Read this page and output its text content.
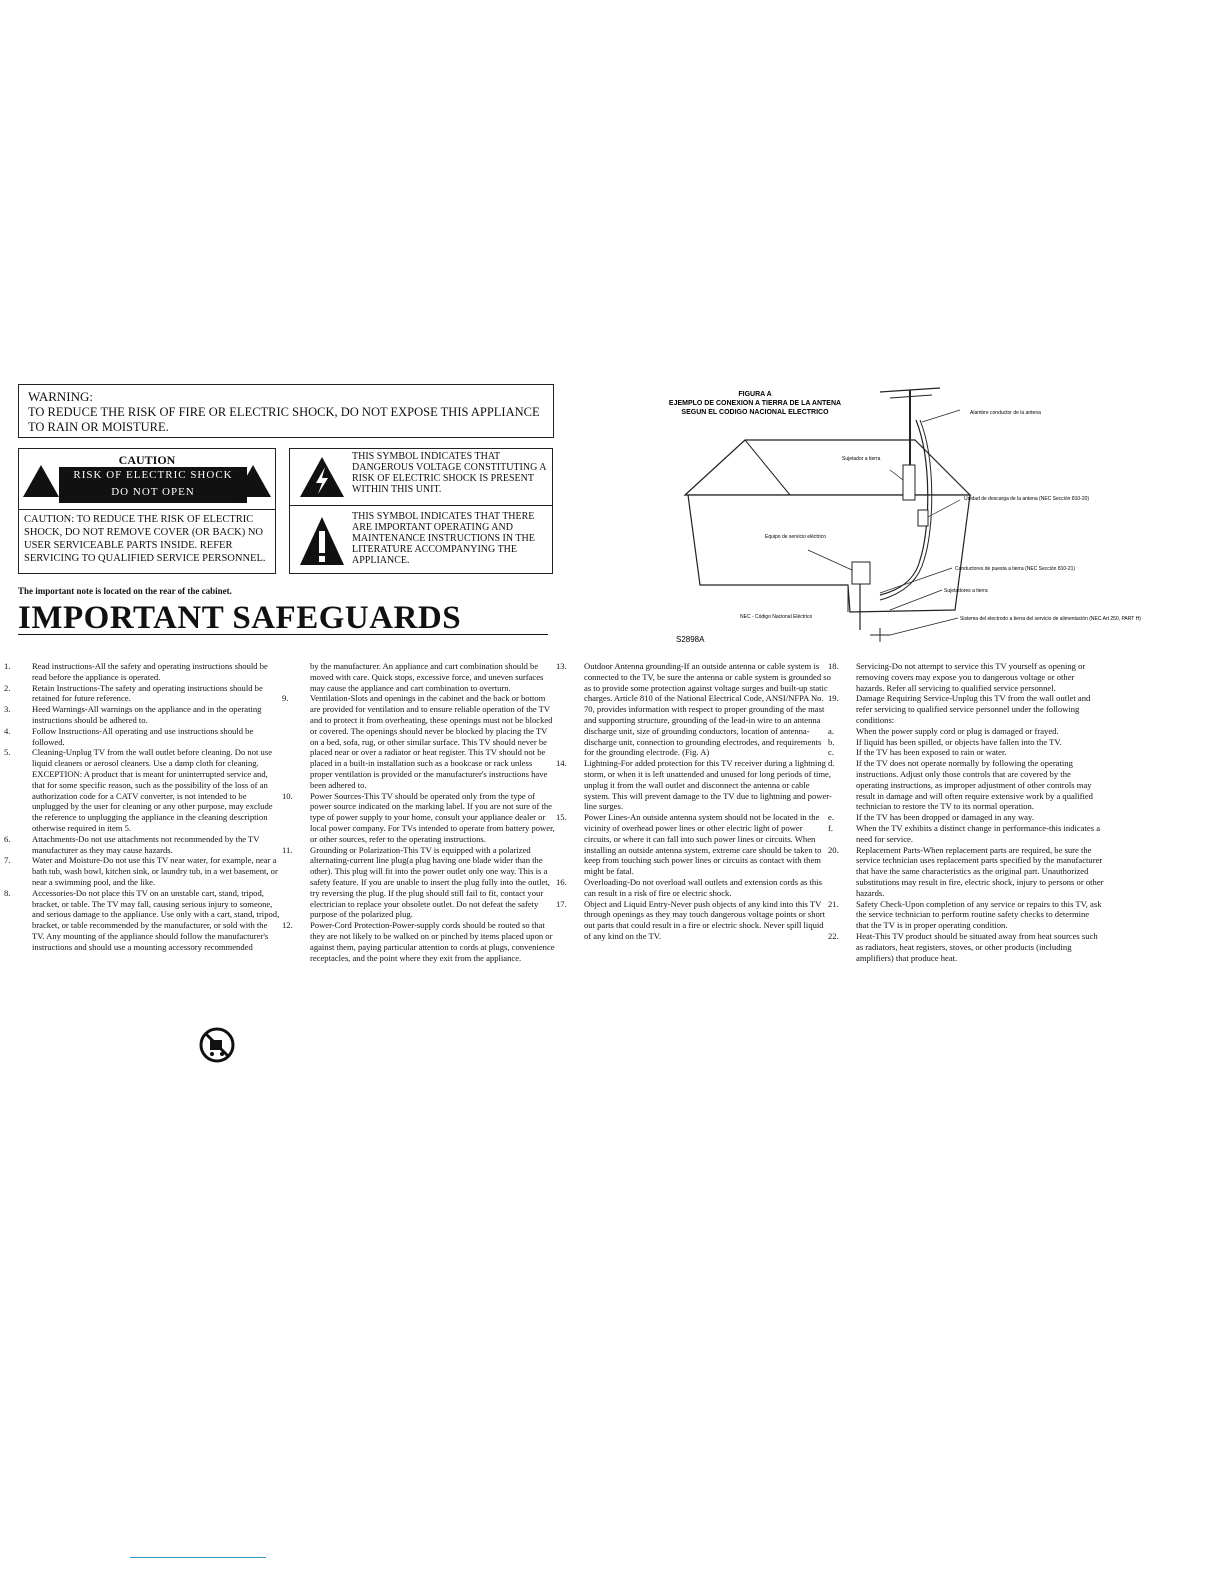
WARNING:
TO REDUCE THE RISK OF FIRE OR ELECTRIC SHOCK, DO NOT EXPOSE THIS APPLIANCE TO RAIN OR MOISTURE.
CAUTION
RISK OF ELECTRIC SHOCK
DO NOT OPEN
CAUTION: TO REDUCE THE RISK OF ELECTRIC SHOCK, DO NOT REMOVE COVER (OR BACK) NO USER SERVICEABLE PARTS INSIDE. REFER SERVICING TO QUALIFIED SERVICE PERSONNEL.
THIS SYMBOL INDICATES THAT DANGEROUS VOLTAGE CONSTITUTING A RISK OF ELECTRIC SHOCK IS PRESENT WITHIN THIS UNIT.
THIS SYMBOL INDICATES THAT THERE ARE IMPORTANT OPERATING AND MAINTENANCE INSTRUCTIONS IN THE LITERATURE ACCOMPANYING THE APPLIANCE.
The important note is located on the rear of the cabinet.
IMPORTANT SAFEGUARDS
FIGURA A
EJEMPLO DE CONEXION A TIERRA DE LA ANTENA
SEGUN EL CODIGO NACIONAL ELECTRICO	Alambre conductor de la antena
Sujetador a tierra
Unidad de descarga de la antena (NEC Sección 810-20)
Equipo de servicio eléctrico
Conductores de puesta a tierra (NEC Sección 810-21)
Sujetadores a tierra
NEC - Código Nacional Eléctrico	Sistema del electrodo a tierra del servicio de alimentación (NEC Art 250, PART H)
S2898A
1.	Read instructions-All the safety and operating instructions should be read before the appliance is operated.
2.	Retain Instructions-The safety and operating instructions should be retained for future reference.
3.	Heed Warnings-All warnings on the appliance and in the operating instructions should be adhered to.
4.	Follow Instructions-All operating and use instructions should be followed.
5.	Cleaning-Unplug TV from the wall outlet before cleaning. Do not use liquid cleaners or aerosol cleaners. Use a damp cloth for cleaning. EXCEPTION: A product that is meant for uninterrupted service and, that for some specific reason, such as the possibility of the loss of an authorization code for a CATV converter, is not intended to be unplugged by the user for cleaning or any other purpose, may exclude the reference to unplugging the appliance in the cleaning description otherwise required in item 5.
6.	Attachments-Do not use attachments not recommended by the TV manufacturer as they may cause hazards.
7.	Water and Moisture-Do not use this TV near water, for example, near a bath tub, wash bowl, kitchen sink, or laundry tub, in a wet basement, or near a swimming pool, and the like.
8.	Accessories-Do not place this TV on an unstable cart, stand, tripod, bracket, or table. The TV may fall, causing serious injury to someone, and serious damage to the appliance. Use only with a cart, stand, tripod, bracket, or table recommended by the manufacturer, or sold with the TV. Any mounting of the appliance should follow the manufacturer's instructions and should use a mounting accessory recommended
by the manufacturer. An appliance and cart combination should be moved with care. Quick stops, excessive force, and uneven surfaces may cause the appliance and cart combination to overturn.
9.	Ventilation-Slots and openings in the cabinet and the back or bottom are provided for ventilation and to ensure reliable operation of the TV and to protect it from overheating, these openings must not be blocked or covered. The openings should never be blocked by placing the TV on a bed, sofa, rug, or other similar surface. This TV should never be placed near or over a radiator or heat register. This TV should not be placed in a built-in installation such as a bookcase or rack unless proper ventilation is provided or the manufacturer's instructions have been adhered to.
10. Power Sources-This TV should be operated only from the type of power source indicated on the marking label. If you are not sure of the type of power supply to your home, consult your appliance dealer or local power company. For TVs intended to operate from battery power, or other sources, refer to the operating instructions.
11. Grounding or Polarization-This TV is equipped with a polarized alternating-current line plug(a plug having one blade wider than the other). This plug will fit into the power outlet only one way. This is a safety feature. If you are unable to insert the plug fully into the outlet, try reversing the plug. If the plug should still fail to fit, contact your electrician to replace your obsolete outlet. Do not defeat the safety purpose of the polarized plug.
12. Power-Cord Protection-Power-supply cords should be routed so that they are not likely to be walked on or pinched by items placed upon or against them, paying particular attention to cords at plugs, convenience receptacles, and the point where they exit from the appliance.
13. Outdoor Antenna grounding-If an outside antenna or cable system is connected to the TV, be sure the antenna or cable system is grounded so as to provide some protection against voltage surges and built-up static charges. Article 810 of the National Electrical Code, ANSI/NFPA No. 70, provides information with respect to proper grounding of the mast and supporting structure, grounding of the lead-in wire to an antenna discharge unit, size of grounding conductors, location of antenna-discharge unit, connection to grounding electrodes, and requirements for the grounding electrode. (Fig. A)
14. Lightning-For added protection for this TV receiver during a lightning storm, or when it is left unattended and unused for long periods of time, unplug it from the wall outlet and disconnect the antenna or cable system. This will prevent damage to the TV due to lightning and power-line surges.
15. Power Lines-An outside antenna system should not be located in the vicinity of overhead power lines or other electric light of power circuits, or where it can fall into such power lines or circuits. When installing an outside antenna system, extreme care should be taken to keep from touching such power lines or circuits as contact with them might be fatal.
16. Overloading-Do not overload wall outlets and extension cords as this can result in a risk of fire or electric shock.
17. Object and Liquid Entry-Never push objects of any kind into this TV through openings as they may touch dangerous voltage points or short out parts that could result in a fire or electric shock. Never spill liquid of any kind on the TV.
18. Servicing-Do not attempt to service this TV yourself as opening or removing covers may expose you to dangerous voltage or other hazards. Refer all servicing to qualified service personnel.
19. Damage Requiring Service-Unplug this TV from the wall outlet and refer servicing to qualified service personnel under the following conditions:
a.	When the power supply cord or plug is damaged or frayed.
b.	If liquid has been spilled, or objects have fallen into the TV.
c.	If the TV has been exposed to rain or water.
d.	If the TV does not operate normally by following the operating instructions. Adjust only those controls that are covered by the operating instructions, as improper adjustment of other controls may result in damage and will often require extensive work by a qualified technician to restore the TV to its normal operation.
e.	If the TV has been dropped or damaged in any way.
f.	When the TV exhibits a distinct change in performance-this indicates a need for service.
20. Replacement Parts-When replacement parts are required, be sure the service technician uses replacement parts specified by the manufacturer that have the same characteristics as the original part. Unauthorized substitutions may result in fire, electric shock, injury to persons or other hazards.
21. Safety Check-Upon completion of any service or repairs to this TV, ask the service technician to perform routine safety checks to determine that the TV is in proper operating condition.
22. Heat-This TV product should be situated away from heat sources such as radiators, heat registers, stoves, or other products (including amplifiers) that produce heat.
